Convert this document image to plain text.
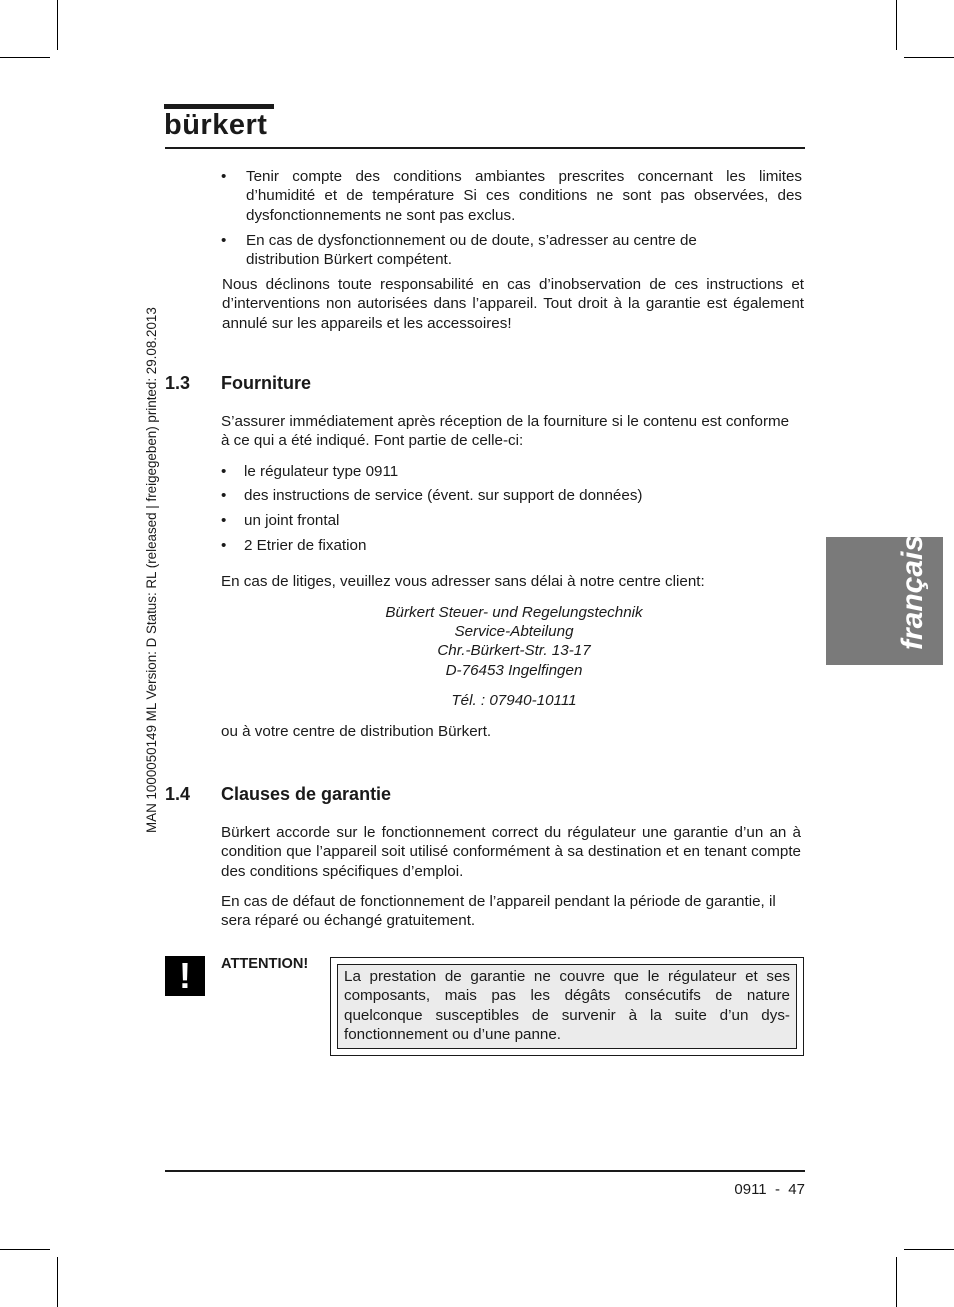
bürkert
MAN 1000050149 ML Version: D Status: RL (released | freigegeben) printed: 29.08.2013	français
• Tenir compte des conditions ambiantes prescrites concernant les limites d’humidité et de température Si ces conditions ne sont pas observées, des dysfonctionnements ne sont pas exclus.

• En cas de dysfonctionnement ou de doute, s’adresser au centre de distribution Bürkert compétent.

Nous déclinons toute responsabilité en cas d’inobservation de ces instructions et d’interventions non autorisées dans l’appareil. Tout droit à la garantie est également annulé sur les appareils et les accessoires!

1.3 Fourniture

S’assurer immédiatement après réception de la fourniture si le contenu est conforme à ce qui a été indiqué. Font partie de celle-ci:

• le régulateur type 0911

• des instructions de service (évent. sur support de données)

• un joint frontal

• 2 Etrier de fixation

En cas de litiges, veuillez vous adresser sans délai à notre centre client:

Bürkert Steuer- und Regelungstechnik
Service-Abteilung
Chr.-Bürkert-Str. 13-17
D-76453 Ingelfingen
Tél. : 07940-10111

ou à votre centre de distribution Bürkert.

1.4 Clauses de garantie

Bürkert accorde sur le fonctionnement correct du régulateur une garantie d’un an à condition que l’appareil soit utilisé conformément à sa destination et en tenant compte des conditions spécifiques d’emploi.

En cas de défaut de fonctionnement de l’appareil pendant la période de garantie, il sera réparé ou échangé gratuitement.

!	ATTENTION!
La prestation de garantie ne couvre que le régulateur et ses composants, mais pas les dégâts consécutifs de nature quelconque susceptibles de survenir à la suite d’un dys-fonctionnement ou d’une panne.
0911  -  47
